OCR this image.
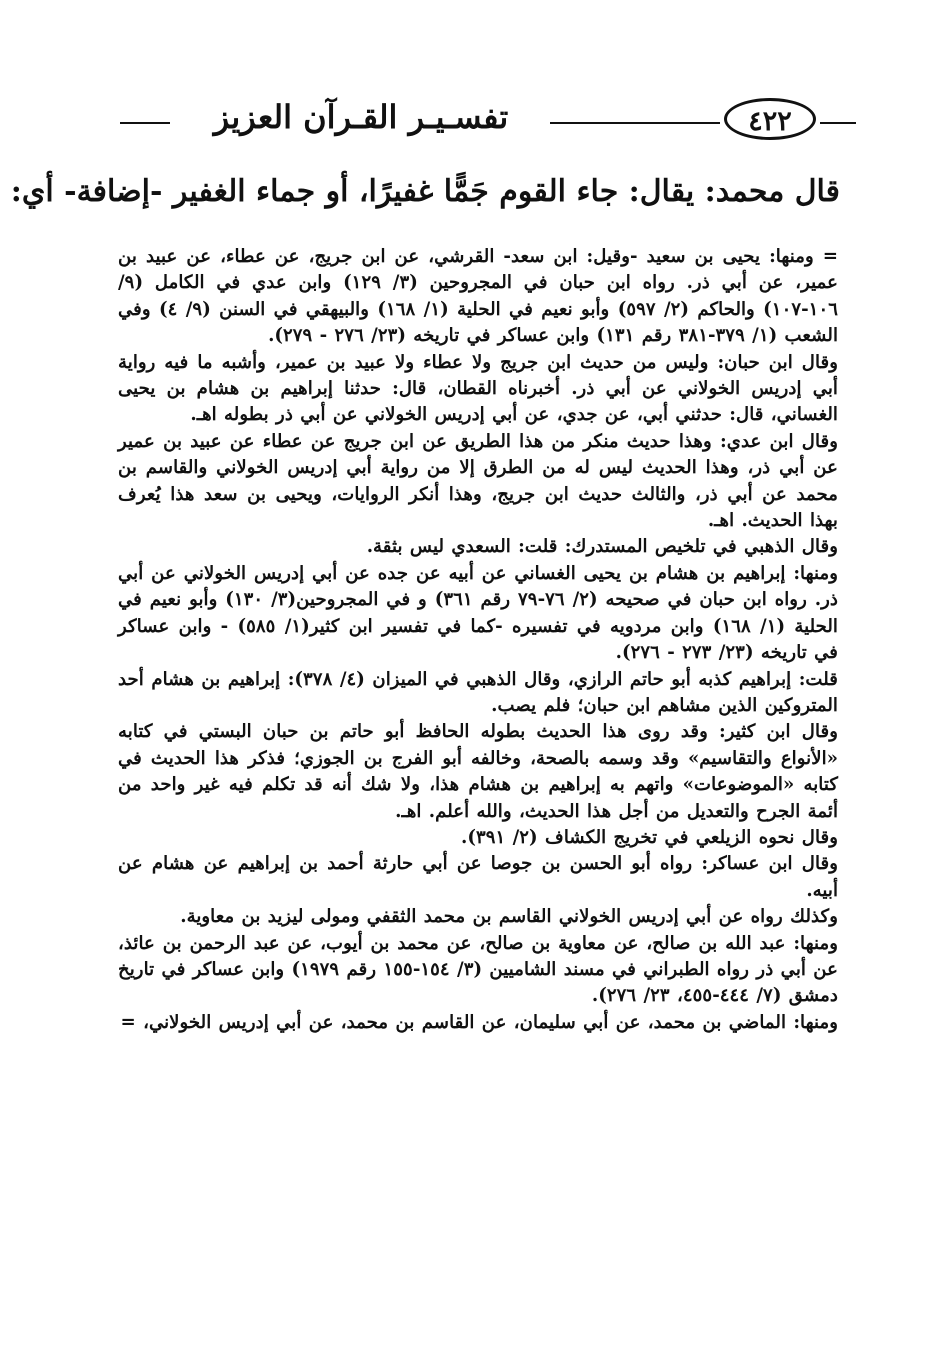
تفسـيـر القـرآن العزيز	٤٢٢
قال محمد: يقال: جاء القوم جَمًّا غفيرًا، أو جماء الغفير -إضافة- أي:

= ومنها: يحيى بن سعيد -وقيل: ابن سعد- القرشي، عن ابن جريج، عن عطاء، عن عبيد بن عمير، عن أبي ذر. رواه ابن حبان في المجروحين (٣/ ١٢٩) وابن عدي في الكامل (٩/ ١٠٦-١٠٧) والحاكم (٢/ ٥٩٧) وأبو نعيم في الحلية (١/ ١٦٨) والبيهقي في السنن (٩/ ٤) وفي الشعب (١/ ٣٧٩-٣٨١ رقم ١٣١) وابن عساكر في تاريخه (٢٣/ ٢٧٦ - ٢٧٩).

وقال ابن حبان: وليس من حديث ابن جريج ولا عطاء ولا عبيد بن عمير، وأشبه ما فيه رواية أبي إدريس الخولاني عن أبي ذر. أخبرناه القطان، قال: حدثنا إبراهيم بن هشام بن يحيى الغساني، قال: حدثني أبي، عن جدي، عن أبي إدريس الخولاني عن أبي ذر بطوله اهـ.

وقال ابن عدي: وهذا حديث منكر من هذا الطريق عن ابن جريج عن عطاء عن عبيد بن عمير عن أبي ذر، وهذا الحديث ليس له من الطرق إلا من رواية أبي إدريس الخولاني والقاسم بن محمد عن أبي ذر، والثالث حديث ابن جريج، وهذا أنكر الروايات، ويحيى بن سعد هذا يُعرف بهذا الحديث. اهـ.

وقال الذهبي في تلخيص المستدرك: قلت: السعدي ليس بثقة.

ومنها: إبراهيم بن هشام بن يحيى الغساني عن أبيه عن جده عن أبي إدريس الخولاني عن أبي ذر. رواه ابن حبان في صحيحه (٢/ ٧٦-٧٩ رقم ٣٦١) و في المجروحين(٣/ ١٣٠) وأبو نعيم في الحلية (١/ ١٦٨) وابن مردويه في تفسيره -كما في تفسير ابن كثير(١/ ٥٨٥) - وابن عساكر في تاريخه (٢٣/ ٢٧٣ - ٢٧٦).

قلت: إبراهيم كذبه أبو حاتم الرازي، وقال الذهبي في الميزان (٤/ ٣٧٨): إبراهيم بن هشام أحد المتروكين الذين مشاهم ابن حبان؛ فلم يصب.

وقال ابن كثير: وقد روى هذا الحديث بطوله الحافظ أبو حاتم بن حبان البستي في كتابه «الأنواع والتقاسيم» وقد وسمه بالصحة، وخالفه أبو الفرج بن الجوزي؛ فذكر هذا الحديث في كتابه «الموضوعات» واتهم به إبراهيم بن هشام هذا، ولا شك أنه قد تكلم فيه غير واحد من أئمة الجرح والتعديل من أجل هذا الحديث، والله أعلم. اهـ.

وقال نحوه الزيلعي في تخريج الكشاف (٢/ ٣٩١).

وقال ابن عساكر: رواه أبو الحسن بن جوصا عن أبي حارثة أحمد بن إبراهيم عن هشام عن أبيه.

وكذلك رواه عن أبي إدريس الخولاني القاسم بن محمد الثقفي ومولى ليزيد بن معاوية.

ومنها: عبد الله بن صالح، عن معاوية بن صالح، عن محمد بن أيوب، عن عبد الرحمن بن عائذ، عن أبي ذر رواه الطبراني في مسند الشاميين (٣/ ١٥٤-١٥٥ رقم ١٩٧٩) وابن عساكر في تاريخ دمشق (٧/ ٤٤٤-٤٥٥، ٢٣/ ٢٧٦).

ومنها: الماضي بن محمد، عن أبي سليمان، عن القاسم بن محمد، عن أبي إدريس الخولاني، =
